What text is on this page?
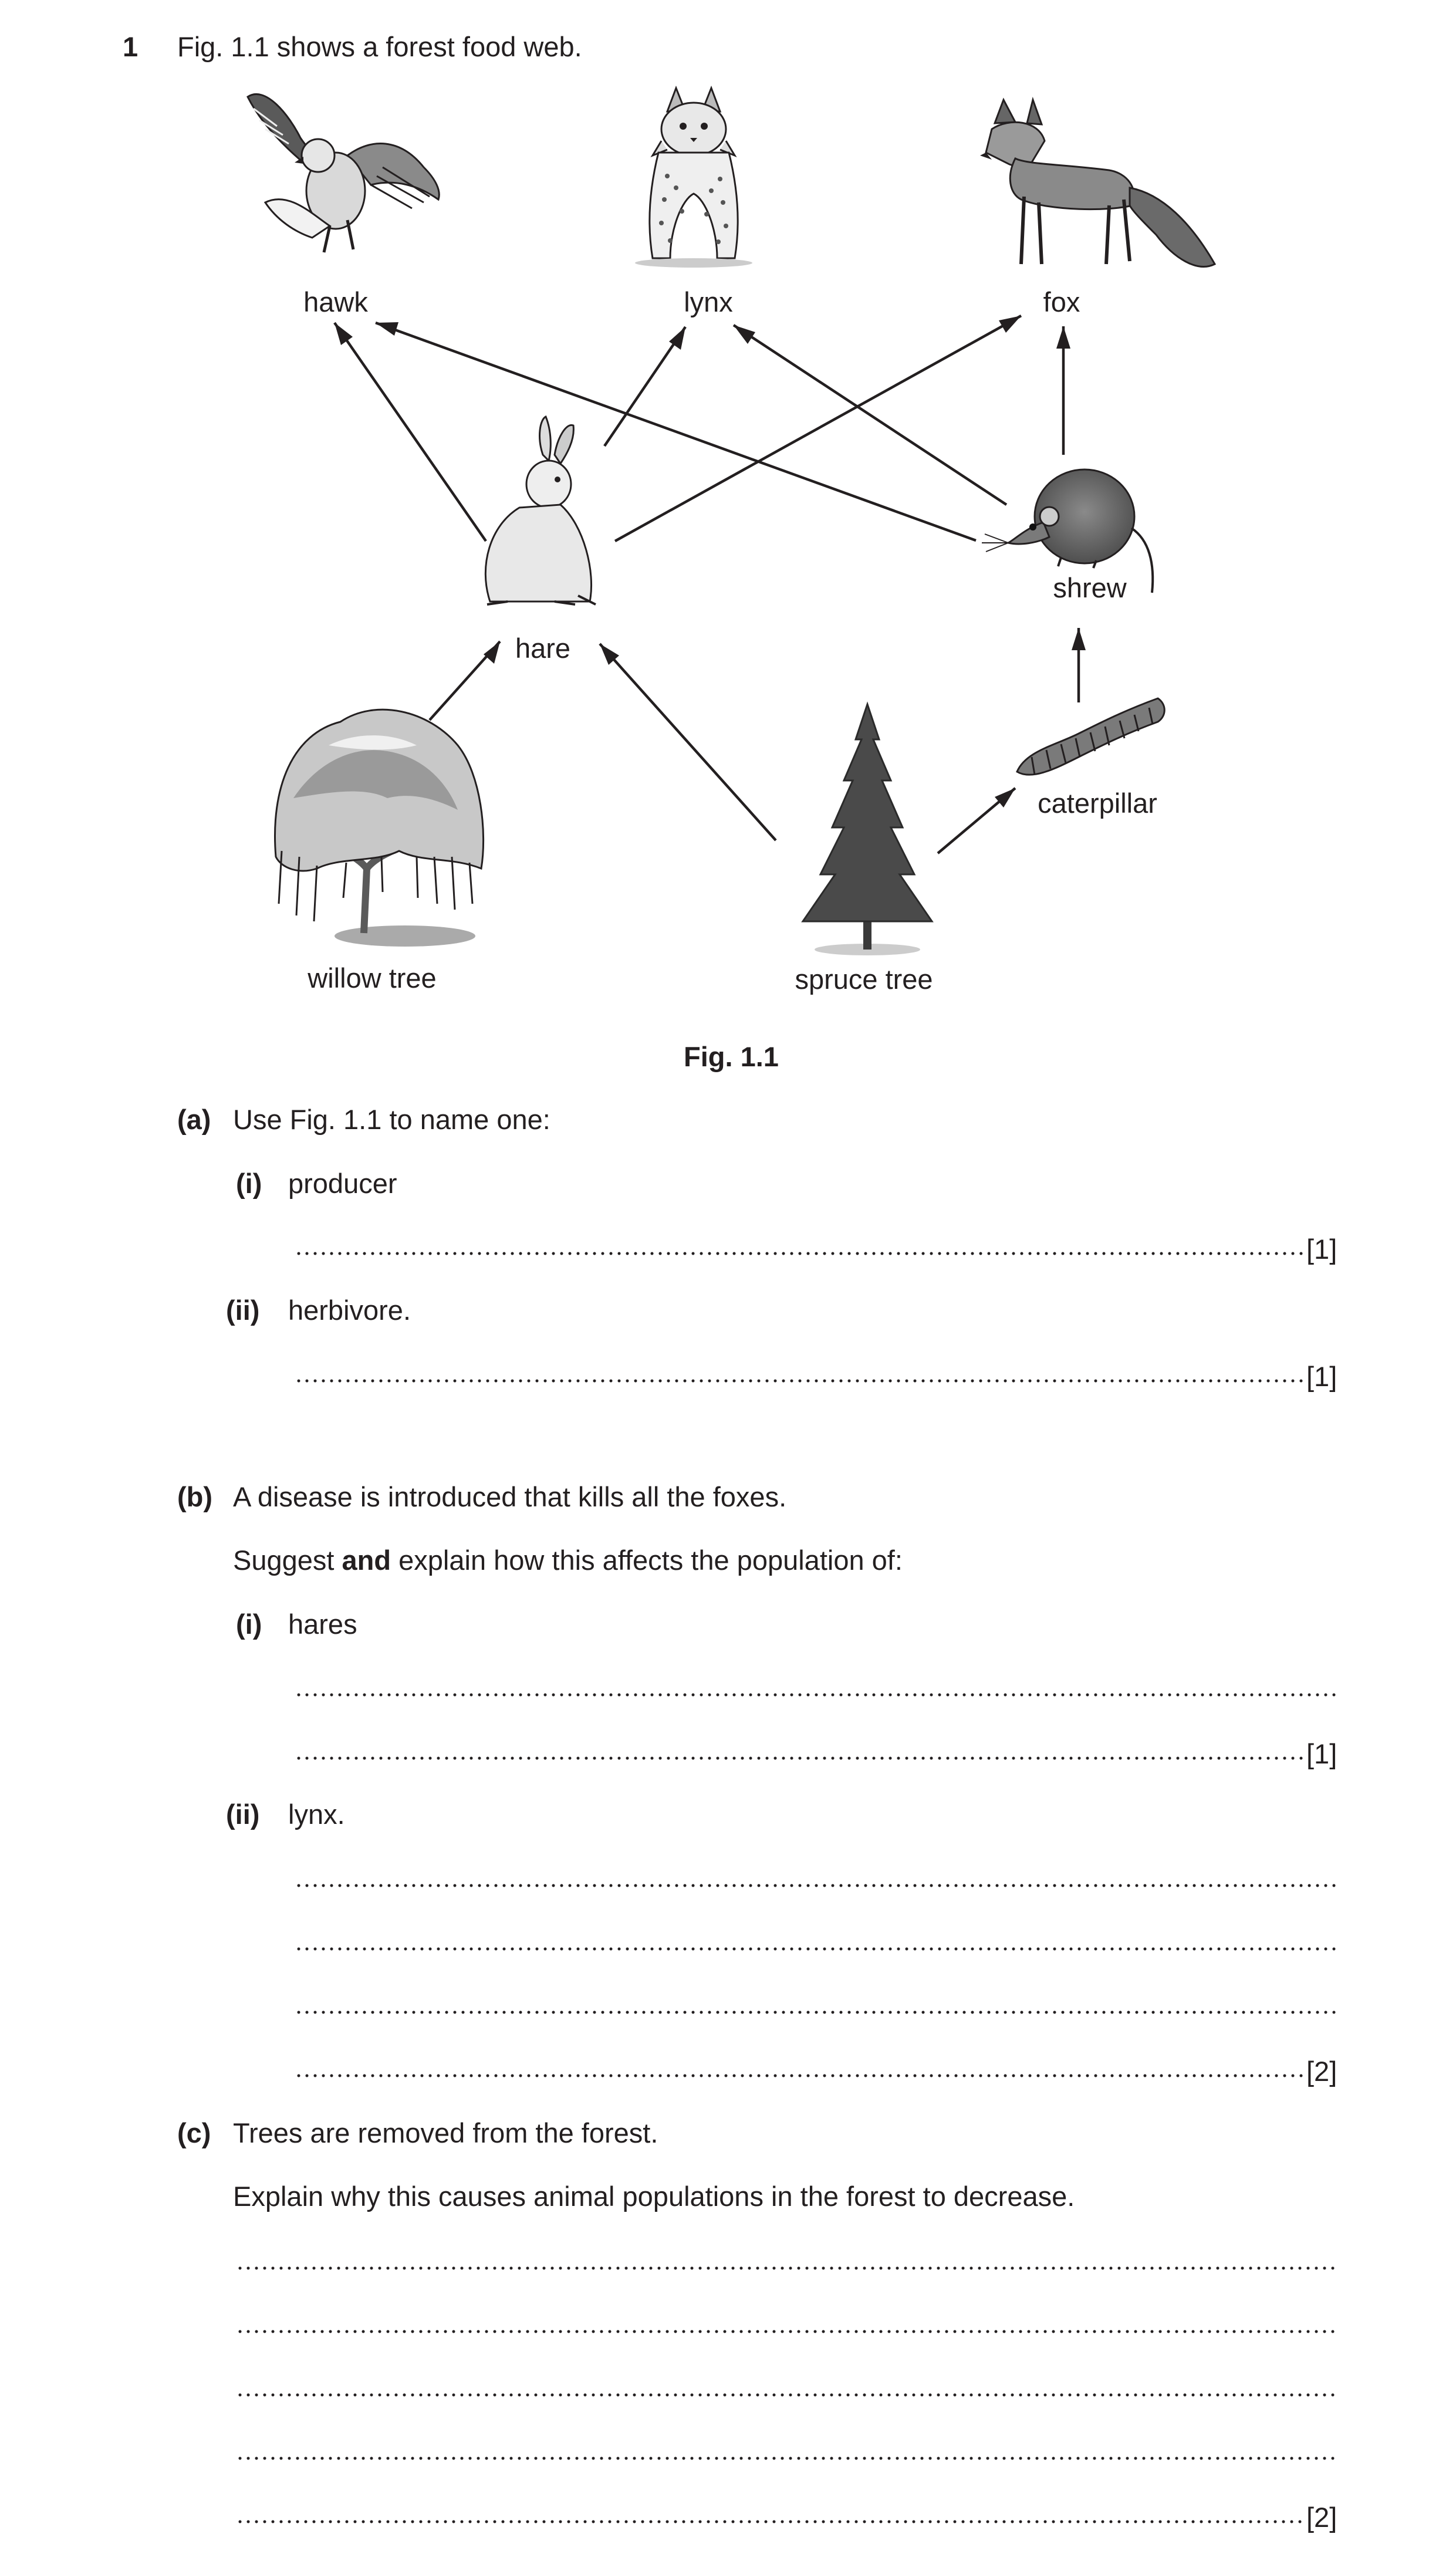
1 Fig. 1.1 shows a forest food web.
hawk	lynx	fox
hare
shrew
caterpillar
willow tree	spruce tree
Fig. 1.1
(a) Use Fig. 1.1 to name one:
(i) producer
[1]
(ii) herbivore.
[1]
(b) A disease is introduced that kills all the foxes.
Suggest and explain how this affects the population of:
(i) hares
[1]
(ii) lynx.
[2]
(c) Trees are removed from the forest.
Explain why this causes animal populations in the forest to decrease.
[2]
